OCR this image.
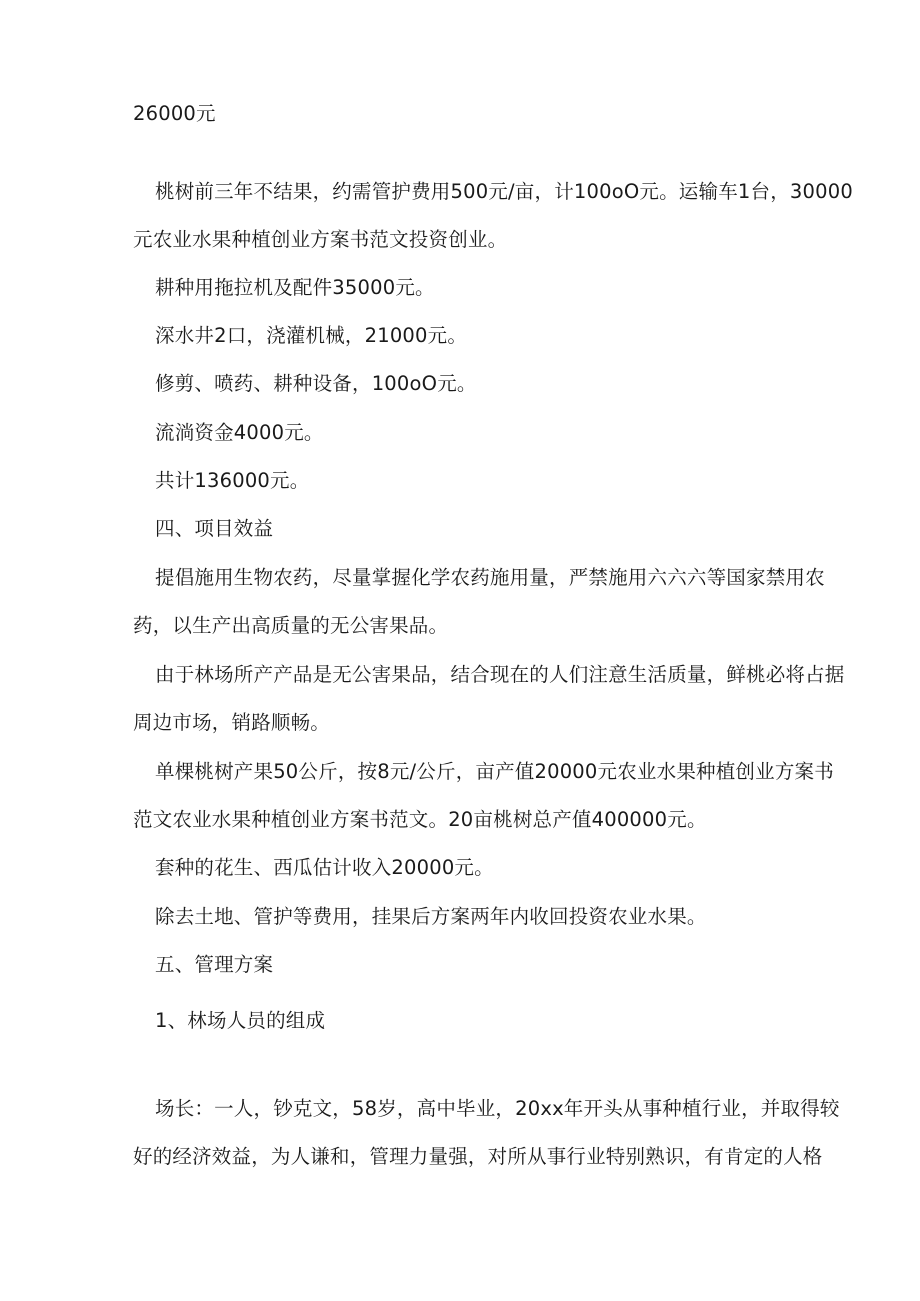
26000元

桃树前三年不结果，约需管护费用500元/亩，计100oO元。运输车1台，30000

元农业水果种植创业方案书范文投资创业。

耕种用拖拉机及配件35000元。

深水井2口，浇灌机械，21000元。

修剪、喷药、耕种设备，100oO元。

流淌资金4000元。

共计136000元。

四、项目效益

提倡施用生物农药，尽量掌握化学农药施用量，严禁施用六六六等国家禁用农

药，以生产出高质量的无公害果品。

由于林场所产产品是无公害果品，结合现在的人们注意生活质量，鲜桃必将占据

周边市场，销路顺畅。

单棵桃树产果50公斤，按8元/公斤，亩产值20000元农业水果种植创业方案书

范文农业水果种植创业方案书范文。20亩桃树总产值400000元。

套种的花生、西瓜估计收入20000元。

除去土地、管护等费用，挂果后方案两年内收回投资农业水果。

五、管理方案

1、林场人员的组成

场长：一人，钞克文，58岁，高中毕业，20xx年开头从事种植行业，并取得较

好的经济效益，为人谦和，管理力量强，对所从事行业特别熟识，有肯定的人格
